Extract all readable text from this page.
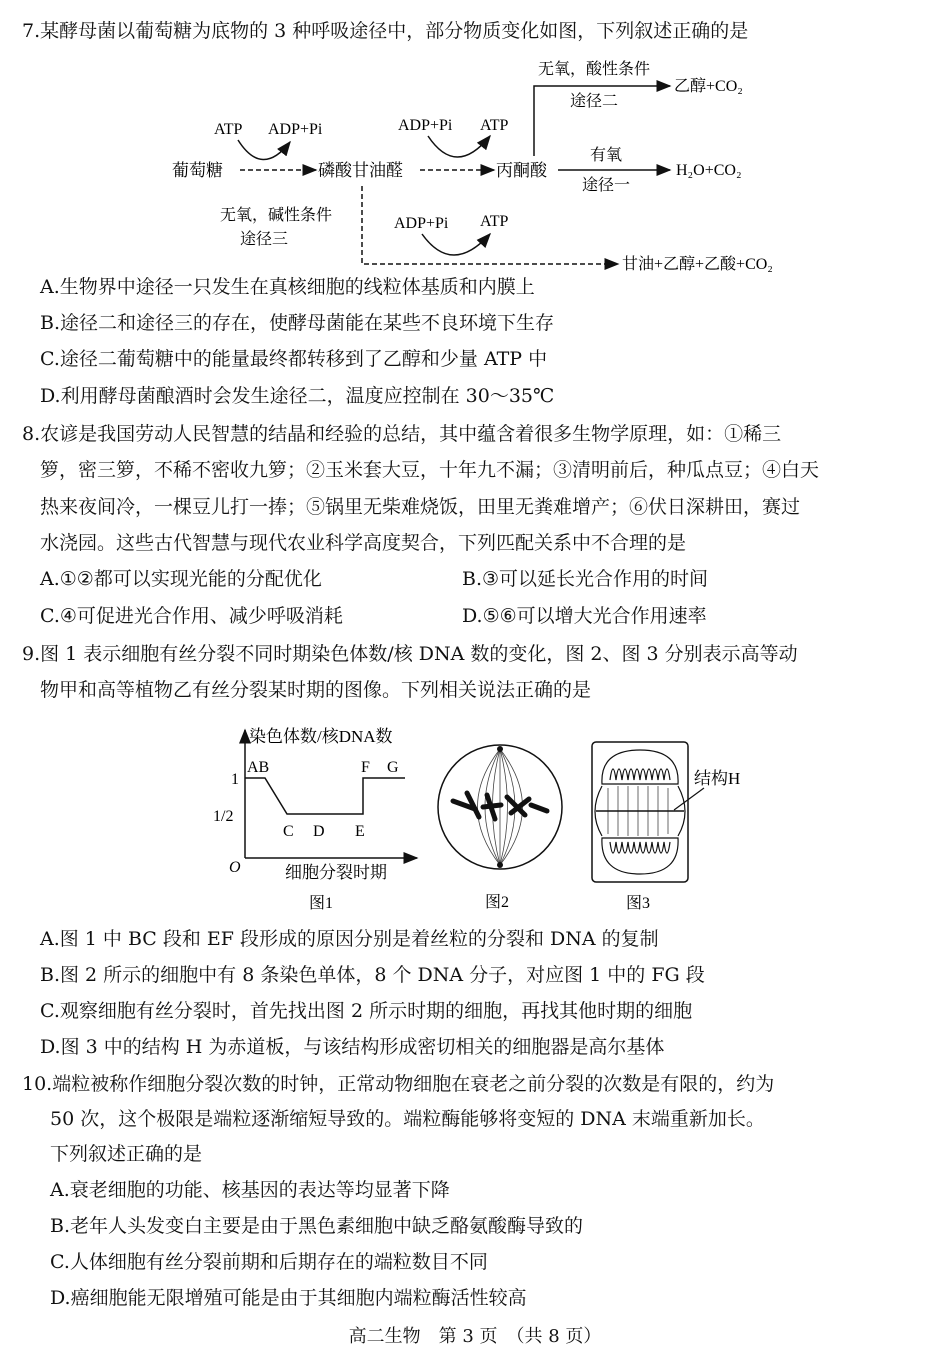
7.某酵母菌以葡萄糖为底物的 3 种呼吸途径中，部分物质变化如图，下列叙述正确的是
葡萄糖	磷酸甘油醛	丙酮酸
ATP ADP+Pi	ADP+Pi ATP
无氧，酸性条件
途径二
乙醇+CO₂
有氧
途径一
H₂O+CO₂
无氧，碱性条件
途径三
ADP+Pi ATP
甘油+乙醇+乙酸+CO₂
A.生物界中途径一只发生在真核细胞的线粒体基质和内膜上
B.途径二和途径三的存在，使酵母菌能在某些不良环境下生存
C.途径二葡萄糖中的能量最终都转移到了乙醇和少量 ATP 中
D.利用酵母菌酿酒时会发生途径二，温度应控制在 30～35℃
8.农谚是我国劳动人民智慧的结晶和经验的总结，其中蕴含着很多生物学原理，如：①稀三
箩，密三箩，不稀不密收九箩；②玉米套大豆，十年九不漏；③清明前后，种瓜点豆；④白天
热来夜间冷，一棵豆儿打一捧；⑤锅里无柴难烧饭，田里无粪难增产；⑥伏日深耕田，赛过
水浇园。这些古代智慧与现代农业科学高度契合，下列匹配关系中不合理的是
A.①②都可以实现光能的分配优化	B.③可以延长光合作用的时间
C.④可促进光合作用、减少呼吸消耗	D.⑤⑥可以增大光合作用速率
9.图 1 表示细胞有丝分裂不同时期染色体数/核 DNA 数的变化，图 2、图 3 分别表示高等动
物甲和高等植物乙有丝分裂某时期的图像。下列相关说法正确的是
染色体数/核DNA数
细胞分裂时期
O
1
1/2
AB
C D E
F G
图1	图2
结构H
图3
A.图 1 中 BC 段和 EF 段形成的原因分别是着丝粒的分裂和 DNA 的复制
B.图 2 所示的细胞中有 8 条染色单体，8 个 DNA 分子，对应图 1 中的 FG 段
C.观察细胞有丝分裂时，首先找出图 2 所示时期的细胞，再找其他时期的细胞
D.图 3 中的结构 H 为赤道板，与该结构形成密切相关的细胞器是高尔基体
10.端粒被称作细胞分裂次数的时钟，正常动物细胞在衰老之前分裂的次数是有限的，约为
50 次，这个极限是端粒逐渐缩短导致的。端粒酶能够将变短的 DNA 末端重新加长。
下列叙述正确的是
A.衰老细胞的功能、核基因的表达等均显著下降
B.老年人头发变白主要是由于黑色素细胞中缺乏酪氨酸酶导致的
C.人体细胞有丝分裂前期和后期存在的端粒数目不同
D.癌细胞能无限增殖可能是由于其细胞内端粒酶活性较高
高二生物　第 3 页　（共 8 页）
